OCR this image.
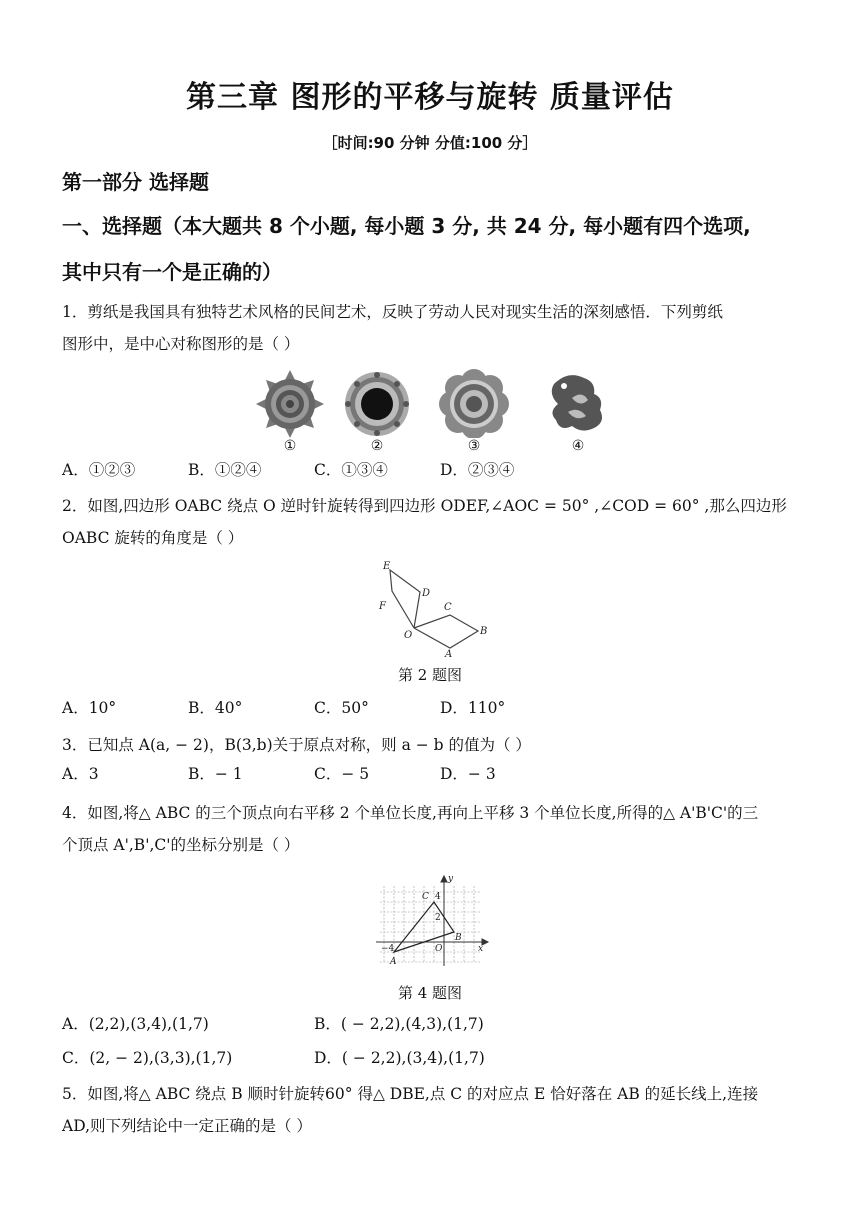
第三章 图形的平移与旋转 质量评估
［时间:90 分钟 分值:100 分］
第一部分 选择题
一、选择题（本大题共 8 个小题, 每小题 3 分, 共 24 分, 每小题有四个选项,
其中只有一个是正确的）
1．剪纸是我国具有独特艺术风格的民间艺术，反映了劳动人民对现实生活的深刻感悟．下列剪纸
图形中，是中心对称图形的是（ ）
①	②	③	④
A．①②③	B．①②④	C．①③④	D．②③④
2．如图,四边形 OABC 绕点 O 逆时针旋转得到四边形 ODEF,∠AOC = 50° ,∠COD = 60° ,那么四边形
OABC 旋转的角度是（ ）
E
D
F	C
O	B
A
第 2 题图
A．10°	B．40°	C．50°	D．110°
3．已知点 A(a, − 2)，B(3,b)关于原点对称，则 a − b 的值为（ ）
A．3	B．− 1	C．− 5	D．− 3
4．如图,将△ ABC 的三个顶点向右平移 2 个单位长度,再向上平移 3 个单位长度,所得的△ A'B'C'的三
个顶点 A',B',C'的坐标分别是（ ）
y
C 4
2
B
O	x
A
−4
第 4 题图
A．(2,2),(3,4),(1,7)	B．( − 2,2),(4,3),(1,7)
C．(2, − 2),(3,3),(1,7)	D．( − 2,2),(3,4),(1,7)
5．如图,将△ ABC 绕点 B 顺时针旋转60° 得△ DBE,点 C 的对应点 E 恰好落在 AB 的延长线上,连接
AD,则下列结论中一定正确的是（ ）
